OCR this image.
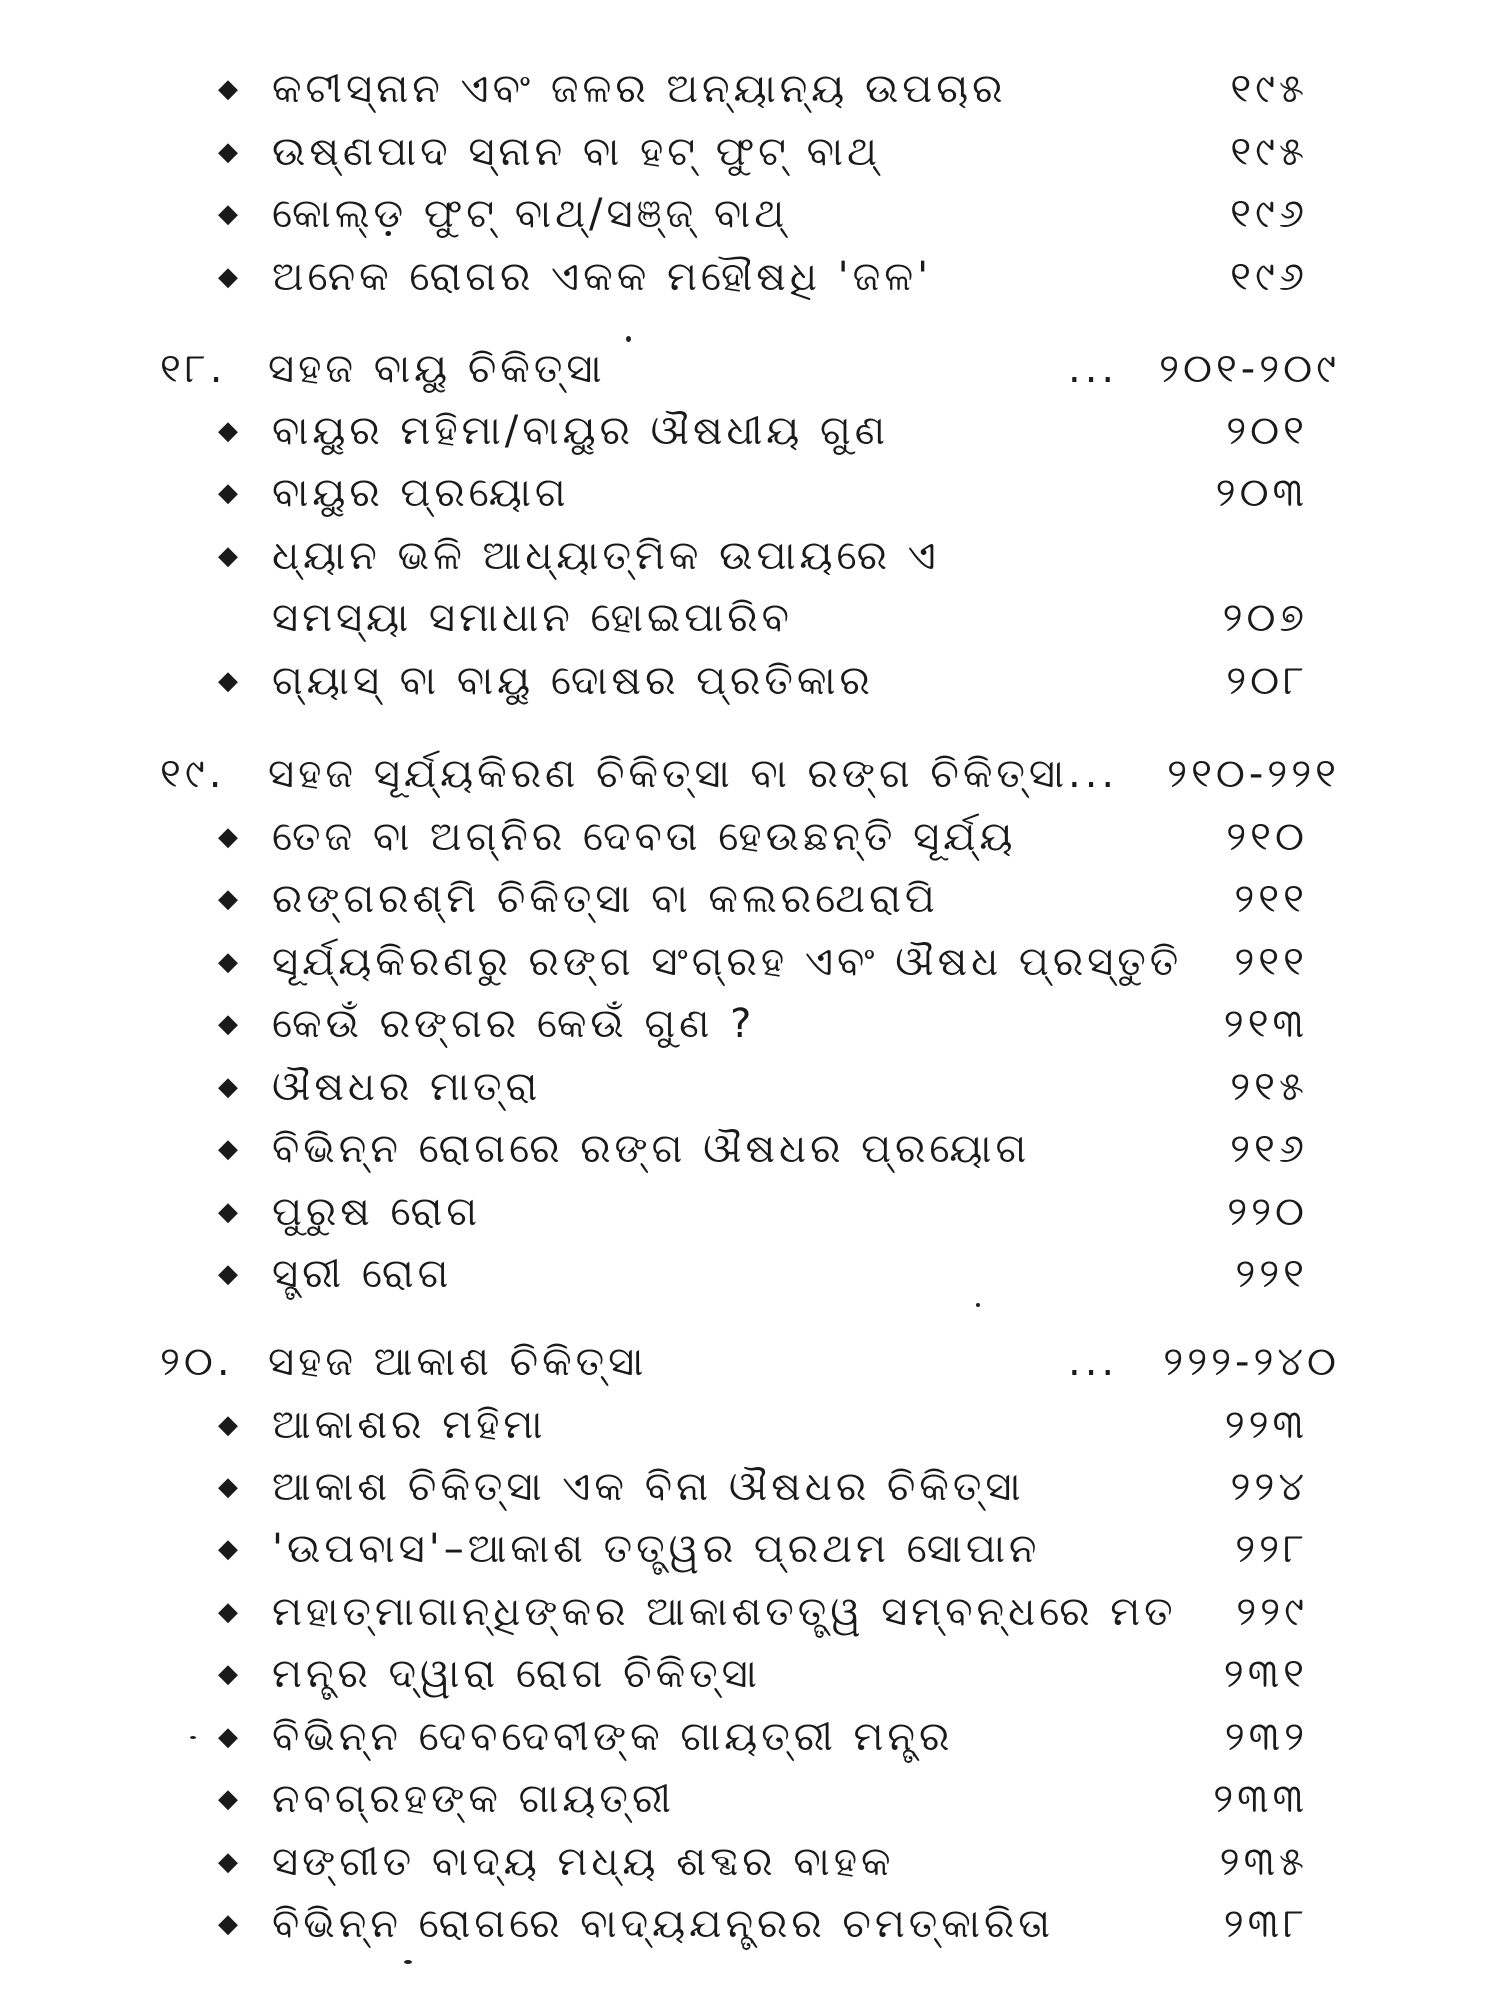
◆ କଟୀସ୍ନାନ ଏବଂ ଜଳର ଅନ୍ୟାନ୍ୟ ଉପଚାର	୧୯୫
◆ ଉଷ୍ଣପାଦ ସ୍ନାନ ବା ହଟ୍ ଫୁଟ୍ ବାଥ୍	୧୯୫
◆ କୋଲ୍ଡ଼ ଫୁଟ୍ ବାଥ୍/ସଞ୍ଜ୍ ବାଥ୍	୧୯୬
◆ ଅନେକ ରୋଗର ଏକକ ମହୌଷଧି 'ଜଳ'	୧୯୬
୧୮. ସହଜ ବାୟୁ ଚିକିତ୍ସା	... ୨୦୧-୨୦୯
◆ ବାୟୁର ମହିମା/ବାୟୁର ଔଷଧୀୟ ଗୁଣ	୨୦୧
◆ ବାୟୁର ପ୍ରୟୋଗ	୨୦୩
◆ ଧ୍ୟାନ ଭଳି ଆଧ୍ୟାତ୍ମିକ ଉପାୟରେ ଏ
ସମସ୍ୟା ସମାଧାନ ହୋଇପାରିବ	୨୦୭
◆ ଗ୍ୟାସ୍ ବା ବାୟୁ ଦୋଷର ପ୍ରତିକାର	୨୦୮
୧୯. ସହଜ ସୂର୍ଯ୍ୟକିରଣ ଚିକିତ୍ସା ବା ରଙ୍ଗ ଚିକିତ୍ସା ... ୨୧୦-୨୨୧
◆ ତେଜ ବା ଅଗ୍ନିର ଦେବତା ହେଉଛନ୍ତି ସୂର୍ଯ୍ୟ	୨୧୦
◆ ରଙ୍ଗରଶ୍ମି ଚିକିତ୍ସା ବା କଲରଥେରାପି	୨୧୧
◆ ସୂର୍ଯ୍ୟକିରଣରୁ ରଙ୍ଗ ସଂଗ୍ରହ ଏବଂ ଔଷଧ ପ୍ରସ୍ତୁତି ୨୧୧
◆ କେଉଁ ରଙ୍ଗର କେଉଁ ଗୁଣ ?	୨୧୩
◆ ଔଷଧର ମାତ୍ରା	୨୧୫
◆ ବିଭିନ୍ନ ରୋଗରେ ରଙ୍ଗ ଔଷଧର ପ୍ରୟୋଗ	୨୧୬
◆ ପୁରୁଷ ରୋଗ	୨୨୦
◆ ସ୍ତ୍ରୀ ରୋଗ	୨୨୧
୨୦. ସହଜ ଆକାଶ ଚିକିତ୍ସା	... ୨୨୨-୨୪୦
◆ ଆକାଶର ମହିମା	୨୨୩
◆ ଆକାଶ ଚିକିତ୍ସା ଏକ ବିନା ଔଷଧର ଚିକିତ୍ସା	୨୨୪
◆ 'ଉପବାସ'–ଆକାଶ ତତ୍ତ୍ୱର ପ୍ରଥମ ସୋପାନ	୨୨୮
◆ ମହାତ୍ମାଗାନ୍ଧିଙ୍କର ଆକାଶତତ୍ତ୍ୱ ସମ୍ବନ୍ଧରେ ମତ ୨୨୯
◆ ମନ୍ତ୍ର ଦ୍ୱାରା ରୋଗ ଚିକିତ୍ସା	୨୩୧
◆ ବିଭିନ୍ନ ଦେବଦେବୀଙ୍କ ଗାୟତ୍ରୀ ମନ୍ତ୍ର	୨୩୨
◆ ନବଗ୍ରହଙ୍କ ଗାୟତ୍ରୀ	୨୩୩
◆ ସଙ୍ଗୀତ ବାଦ୍ୟ ମଧ୍ୟ ଶବ୍ଦର ବାହକ	୨୩୫
◆ ବିଭିନ୍ନ ରୋଗରେ ବାଦ୍ୟଯନ୍ତ୍ରର ଚମତ୍କାରିତା	୨୩୮
